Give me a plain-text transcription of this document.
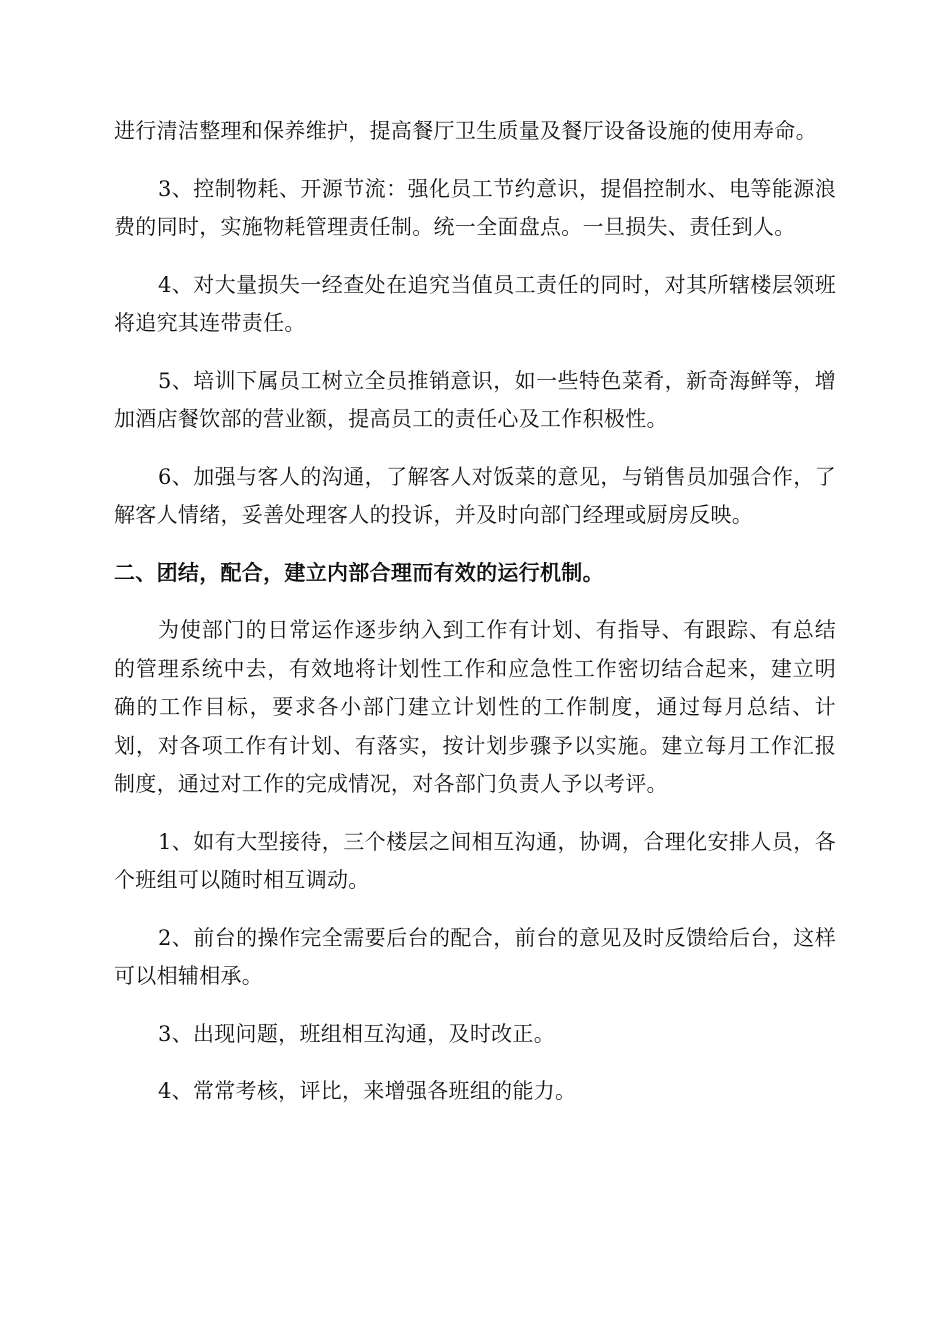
进行清洁整理和保养维护，提高餐厅卫生质量及餐厅设备设施的使用寿命。

3、控制物耗、开源节流：强化员工节约意识，提倡控制水、电等能源浪费的同时，实施物耗管理责任制。统一全面盘点。一旦损失、责任到人。

4、对大量损失一经查处在追究当值员工责任的同时，对其所辖楼层领班将追究其连带责任。

5、培训下属员工树立全员推销意识，如一些特色菜肴，新奇海鲜等，增加酒店餐饮部的营业额，提高员工的责任心及工作积极性。

6、加强与客人的沟通，了解客人对饭菜的意见，与销售员加强合作，了解客人情绪，妥善处理客人的投诉，并及时向部门经理或厨房反映。

二、团结，配合，建立内部合理而有效的运行机制。

为使部门的日常运作逐步纳入到工作有计划、有指导、有跟踪、有总结的管理系统中去，有效地将计划性工作和应急性工作密切结合起来，建立明确的工作目标，要求各小部门建立计划性的工作制度，通过每月总结、计划，对各项工作有计划、有落实，按计划步骤予以实施。建立每月工作汇报制度，通过对工作的完成情况，对各部门负责人予以考评。

1、如有大型接待，三个楼层之间相互沟通，协调，合理化安排人员，各个班组可以随时相互调动。

2、前台的操作完全需要后台的配合，前台的意见及时反馈给后台，这样可以相辅相承。

3、出现问题，班组相互沟通，及时改正。

4、常常考核，评比，来增强各班组的能力。
